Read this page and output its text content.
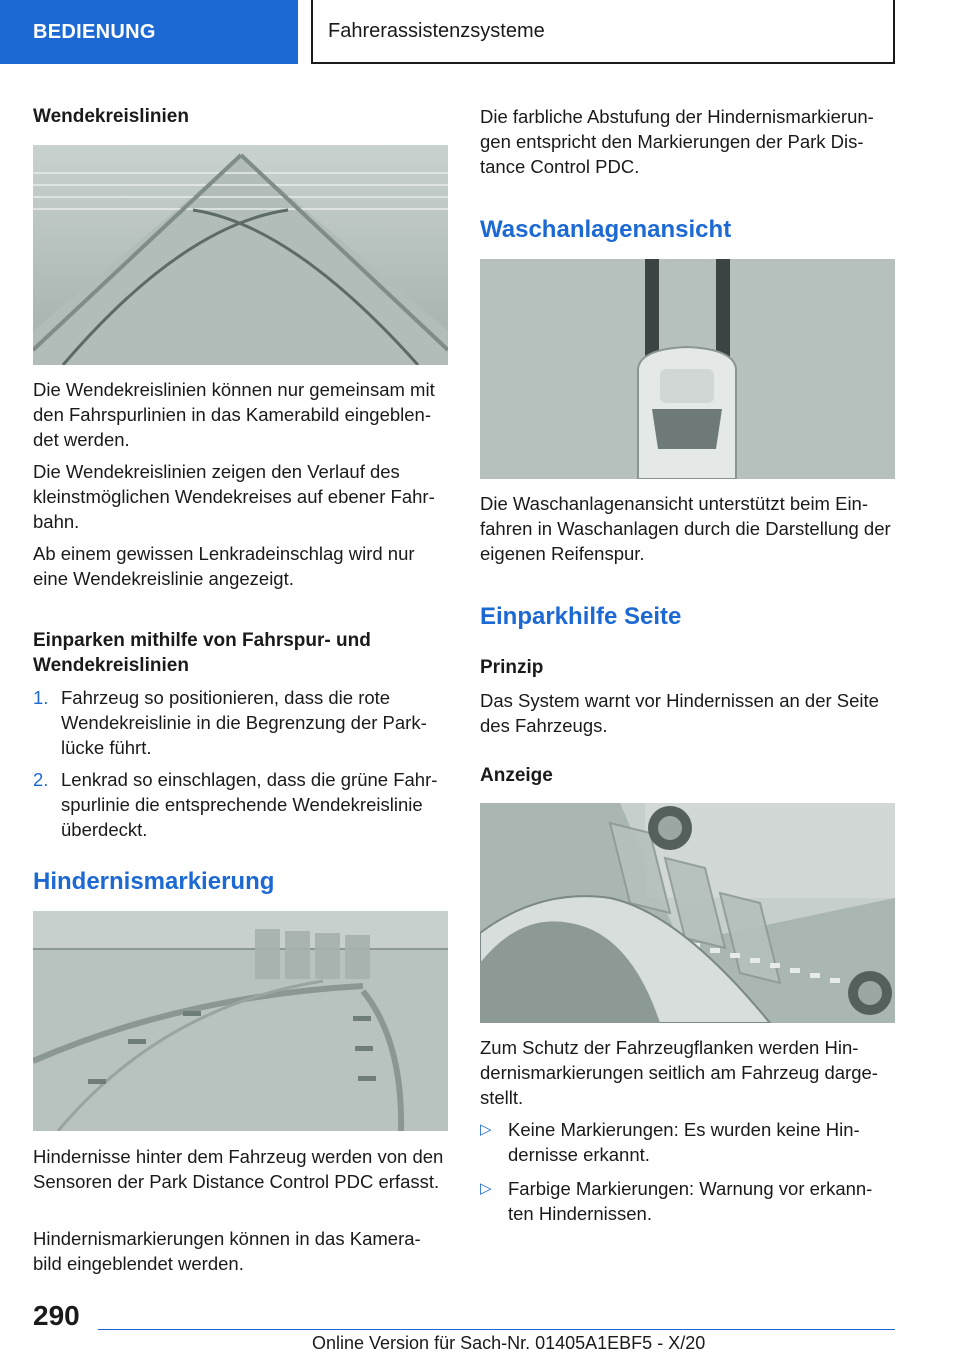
BEDIENUNG	Fahrerassistenzsysteme
Wendekreislinien
Die Wendekreislinien können nur gemeinsam mit den Fahrspurlinien in das Kamerabild eingeblen- det werden.
Die Wendekreislinien zeigen den Verlauf des kleinstmöglichen Wendekreises auf ebener Fahr- bahn.
Ab einem gewissen Lenkradeinschlag wird nur eine Wendekreislinie angezeigt.
Einparken mithilfe von Fahrspur- und Wendekreislinien
1. Fahrzeug so positionieren, dass die rote Wendekreislinie in die Begrenzung der Park- lücke führt.
2. Lenkrad so einschlagen, dass die grüne Fahr- spurlinie die entsprechende Wendekreislinie überdeckt.
Hindernismarkierung
Hindernisse hinter dem Fahrzeug werden von den Sensoren der Park Distance Control PDC erfasst.
Hindernismarkierungen können in das Kamera- bild eingeblendet werden.
Die farbliche Abstufung der Hindernismarkierun- gen entspricht den Markierungen der Park Dis- tance Control PDC.
Waschanlagenansicht
Die Waschanlagenansicht unterstützt beim Ein- fahren in Waschanlagen durch die Darstellung der eigenen Reifenspur.
Einparkhilfe Seite
Prinzip
Das System warnt vor Hindernissen an der Seite des Fahrzeugs.
Anzeige
Zum Schutz der Fahrzeugflanken werden Hin- dernismarkierungen seitlich am Fahrzeug darge- stellt.
▷ Keine Markierungen: Es wurden keine Hin- dernisse erkannt.
▷ Farbige Markierungen: Warnung vor erkann- ten Hindernissen.
290
Online Version für Sach-Nr. 01405A1EBF5 - X/20
